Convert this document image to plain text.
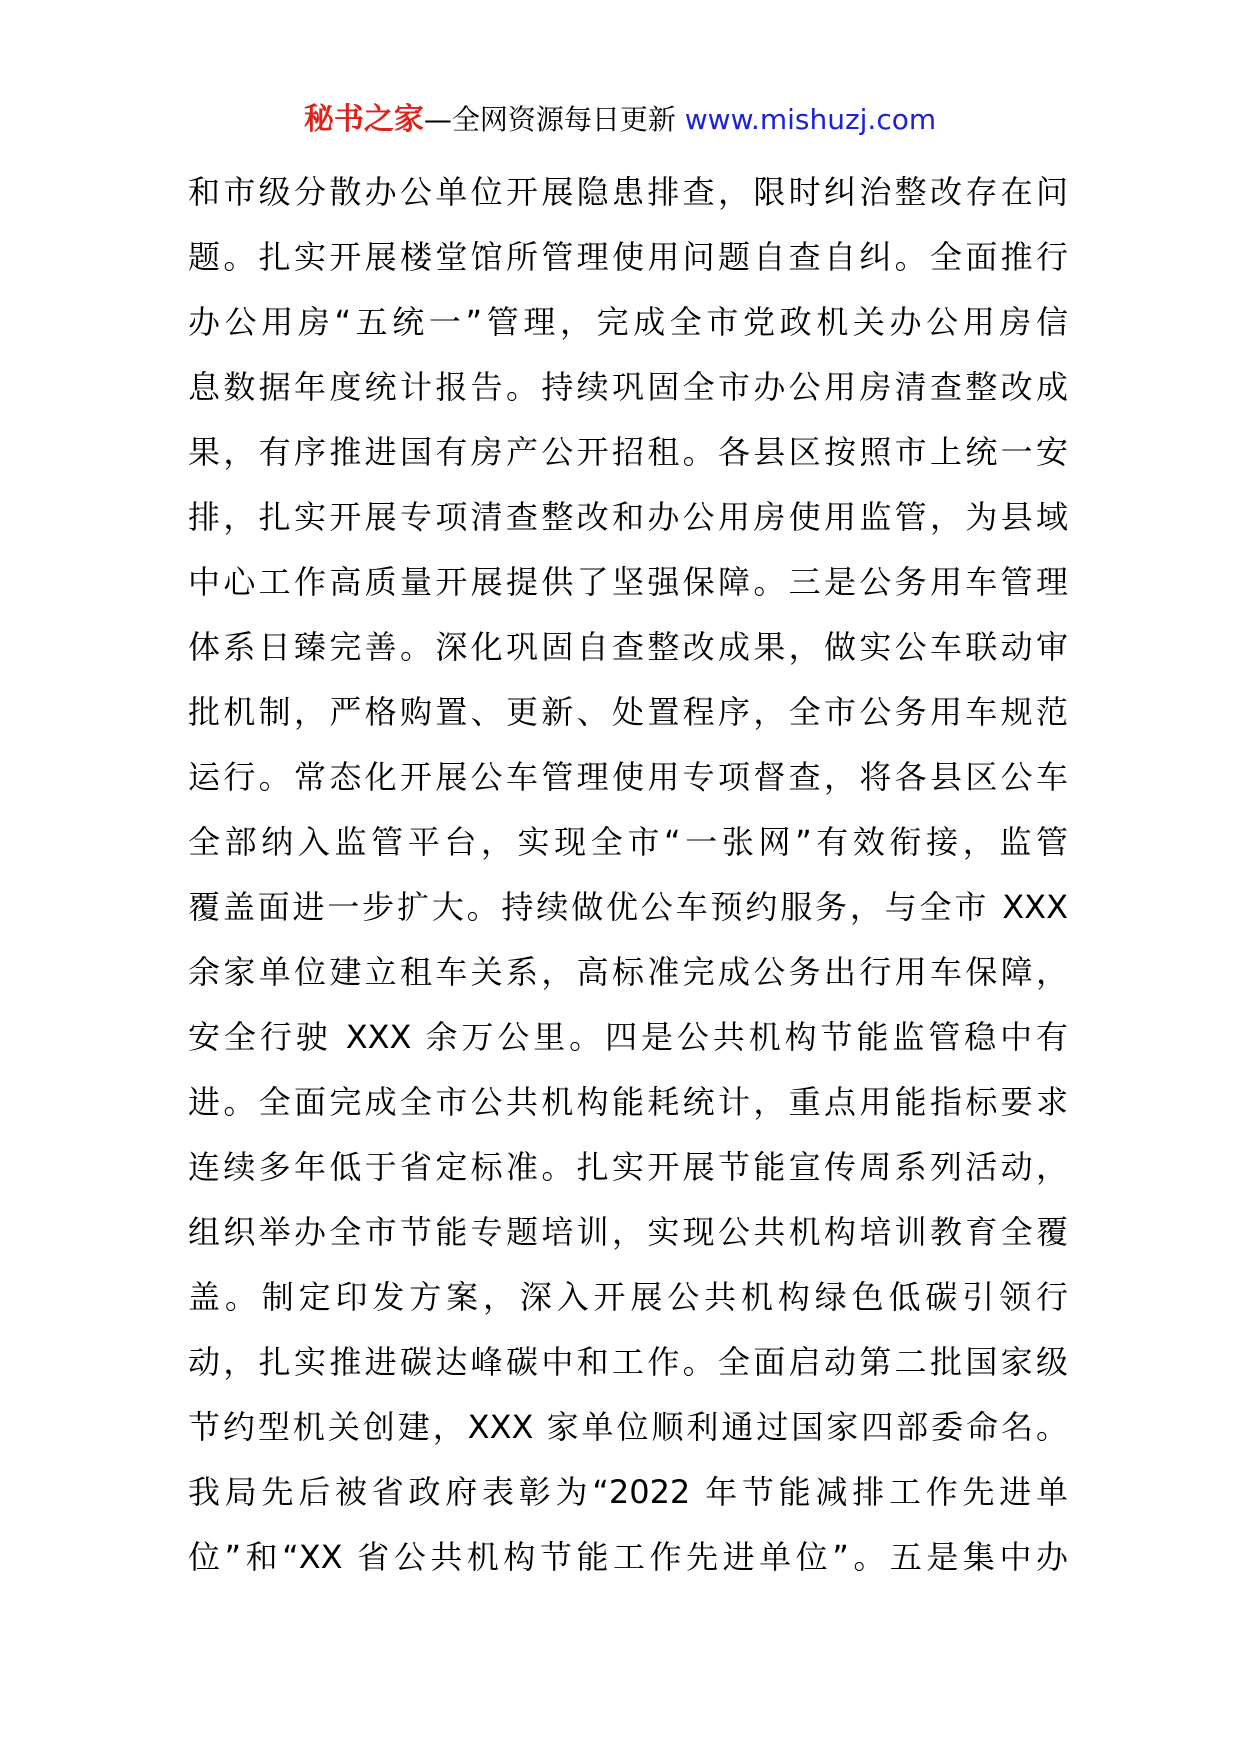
秘书之家—全网资源每日更新 www.mishuzj.com
和市级分散办公单位开展隐患排查，限时纠治整改存在问
题。扎实开展楼堂馆所管理使用问题自查自纠。全面推行
办公用房“五统一”管理，完成全市党政机关办公用房信
息数据年度统计报告。持续巩固全市办公用房清查整改成
果，有序推进国有房产公开招租。各县区按照市上统一安
排，扎实开展专项清查整改和办公用房使用监管，为县域
中心工作高质量开展提供了坚强保障。三是公务用车管理
体系日臻完善。深化巩固自查整改成果，做实公车联动审
批机制，严格购置、更新、处置程序，全市公务用车规范
运行。常态化开展公车管理使用专项督查，将各县区公车
全部纳入监管平台，实现全市“一张网”有效衔接，监管
覆盖面进一步扩大。持续做优公车预约服务，与全市 XXX
余家单位建立租车关系，高标准完成公务出行用车保障，
安全行驶 XXX 余万公里。四是公共机构节能监管稳中有
进。全面完成全市公共机构能耗统计，重点用能指标要求
连续多年低于省定标准。扎实开展节能宣传周系列活动，
组织举办全市节能专题培训，实现公共机构培训教育全覆
盖。制定印发方案，深入开展公共机构绿色低碳引领行
动，扎实推进碳达峰碳中和工作。全面启动第二批国家级
节约型机关创建，XXX 家单位顺利通过国家四部委命名。
我局先后被省政府表彰为“2022 年节能减排工作先进单
位”和“XX 省公共机构节能工作先进单位”。五是集中办
